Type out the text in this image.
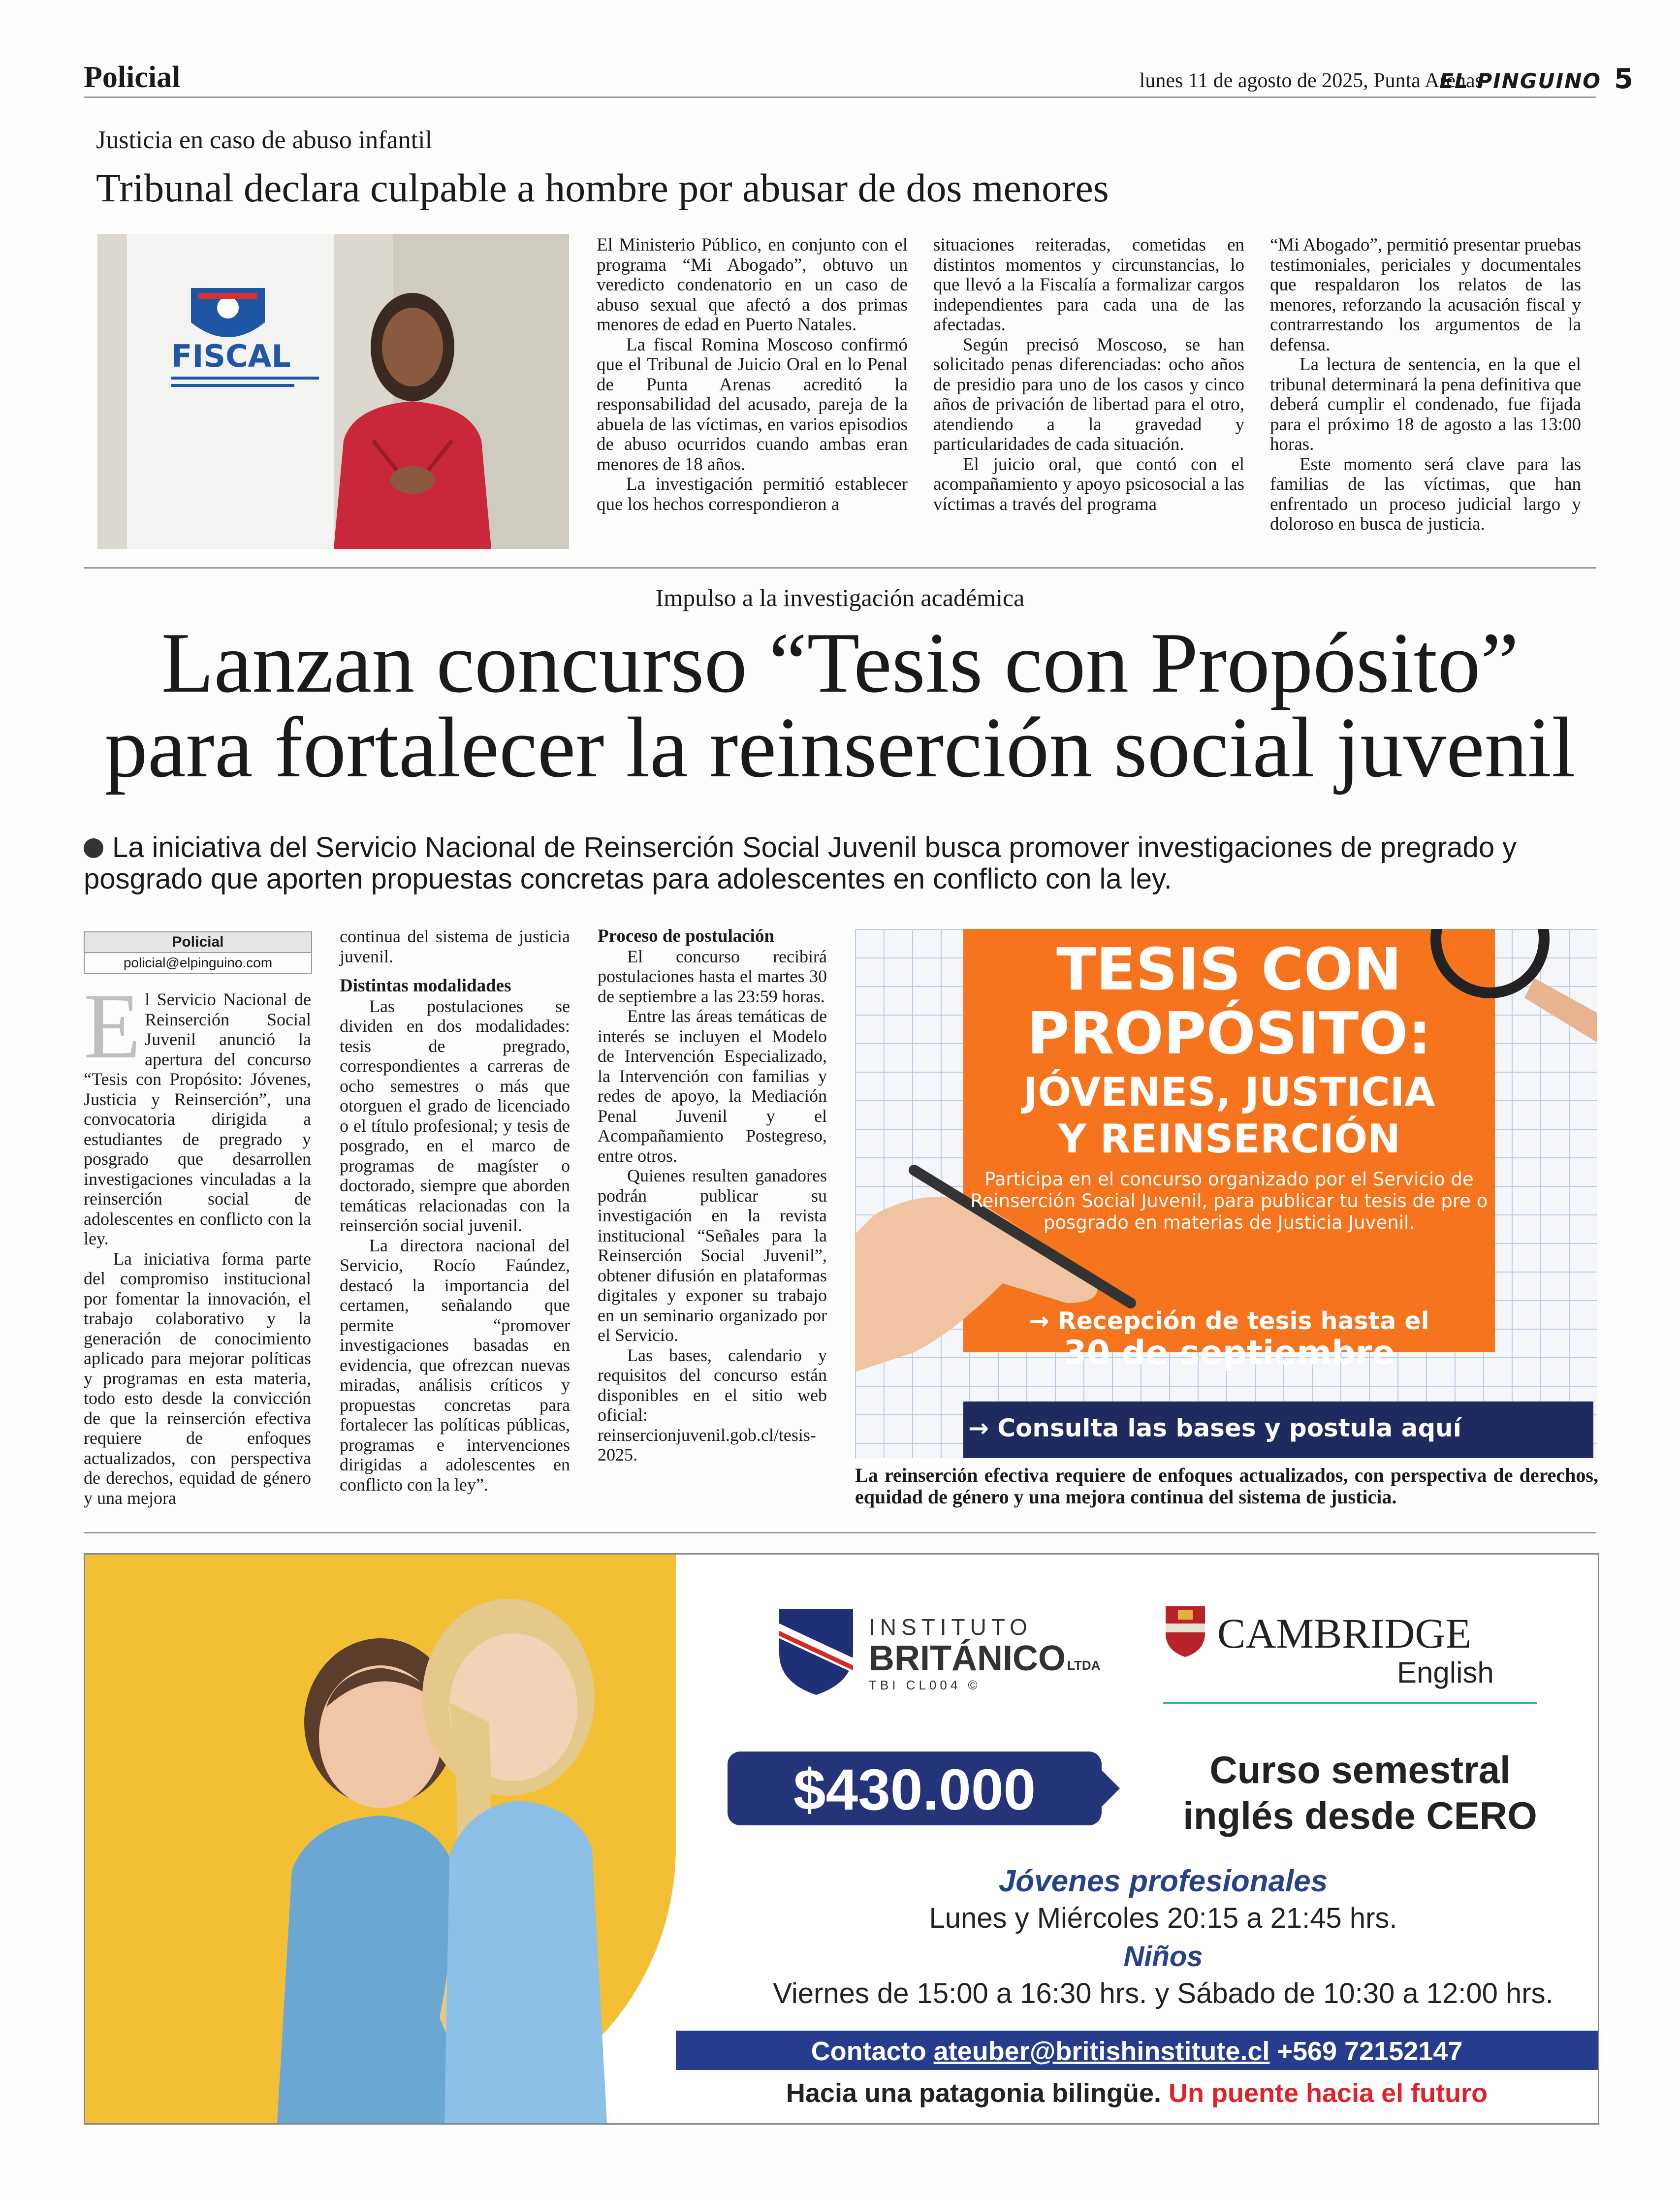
Policial	lunes 11 de agosto de 2025, Punta Arenas
EL PINGUINO 5
Justicia en caso de abuso infantil
Tribunal declara culpable a hombre por abusar de dos menores
FISCAL

El Ministerio Público, en conjunto con el programa “Mi Abogado”, obtuvo un veredicto condenatorio en un caso de abuso sexual que afectó a dos primas menores de edad en Puerto Natales.

La fiscal Romina Moscoso confirmó que el Tribunal de Juicio Oral en lo Penal de Punta Arenas acreditó la responsabilidad del acusado, pareja de la abuela de las víctimas, en varios episodios de abuso ocurridos cuando ambas eran menores de 18 años.

La investigación permitió establecer que los hechos correspondieron a

situaciones reiteradas, cometidas en distintos momentos y circunstancias, lo que llevó a la Fiscalía a formalizar cargos independientes para cada una de las afectadas.

Según precisó Moscoso, se han solicitado penas diferenciadas: ocho años de presidio para uno de los casos y cinco años de privación de libertad para el otro, atendiendo a la gravedad y particularidades de cada situación.

El juicio oral, que contó con el acompañamiento y apoyo psicosocial a las víctimas a través del programa

“Mi Abogado”, permitió presentar pruebas testimoniales, periciales y documentales que respaldaron los relatos de las menores, reforzando la acusación fiscal y contrarrestando los argumentos de la defensa.

La lectura de sentencia, en la que el tribunal determinará la pena definitiva que deberá cumplir el condenado, fue fijada para el próximo 18 de agosto a las 13:00 horas.

Este momento será clave para las familias de las víctimas, que han enfrentado un proceso judicial largo y doloroso en busca de justicia.

Impulso a la investigación académica
Lanzan concurso “Tesis con Propósito”
para fortalecer la reinserción social juvenil
La iniciativa del Servicio Nacional de Reinserción Social Juvenil busca promover investigaciones de pregrado y posgrado que aporten propuestas concretas para adolescentes en conflicto con la ley.
Policial
policial@elpinguino.com

El Servicio Nacional de Reinserción Social Juvenil anunció la apertura del concurso “Tesis con Propósito: Jóvenes, Justicia y Reinserción”, una convocatoria dirigida a estudiantes de pregrado y posgrado que desarrollen investigaciones vinculadas a la reinserción social de adolescentes en conflicto con la ley.

La iniciativa forma parte del compromiso institucional por fomentar la innovación, el trabajo colaborativo y la generación de conocimiento aplicado para mejorar políticas y programas en esta materia, todo esto desde la convicción de que la reinserción efectiva requiere de enfoques actualizados, con perspectiva de derechos, equidad de género y una mejora

continua del sistema de justicia juvenil.

Distintas modalidades

Las postulaciones se dividen en dos modalidades: tesis de pregrado, correspondientes a carreras de ocho semestres o más que otorguen el grado de licenciado o el título profesional; y tesis de posgrado, en el marco de programas de magíster o doctorado, siempre que aborden temáticas relacionadas con la reinserción social juvenil.

La directora nacional del Servicio, Rocío Faúndez, destacó la importancia del certamen, señalando que permite “promover investigaciones basadas en evidencia, que ofrezcan nuevas miradas, análisis críticos y propuestas concretas para fortalecer las políticas públicas, programas e intervenciones dirigidas a adolescentes en conflicto con la ley”.

Proceso de postulación

El concurso recibirá postulaciones hasta el martes 30 de septiembre a las 23:59 horas.

Entre las áreas temáticas de interés se incluyen el Modelo de Intervención Especializado, la Intervención con familias y redes de apoyo, la Mediación Penal Juvenil y el Acompañamiento Postegreso, entre otros.

Quienes resulten ganadores podrán publicar su investigación en la revista institucional “Señales para la Reinserción Social Juvenil”, obtener difusión en plataformas digitales y exponer su trabajo en un seminario organizado por el Servicio.

Las bases, calendario y requisitos del concurso están disponibles en el sitio web oficial: reinsercionjuvenil.gob.cl/tesis-2025.

TESIS CON
PROPÓSITO:
JÓVENES, JUSTICIA
Y REINSERCIÓN
Participa en el concurso organizado por el Servicio de Reinserción Social Juvenil, para publicar tu tesis de pre o posgrado en materias de Justicia Juvenil.
→ Recepción de tesis hasta el
30 de septiembre
→ Consulta las bases y postula aquí
La reinserción efectiva requiere de enfoques actualizados, con perspectiva de derechos, equidad de género y una mejora continua del sistema de justicia.
INSTITUTO
BRITÁNICO LTDA
TBI CL004 ©
CAMBRIDGE
English
$430.000	Curso semestral
inglés desde CERO
Jóvenes profesionales
Lunes y Miércoles 20:15 a 21:45 hrs.
Niños
Viernes de 15:00 a 16:30 hrs. y Sábado de 10:30 a 12:00 hrs.
Contacto ateuber@britishinstitute.cl +569 72152147
Hacia una patagonia bilingüe. Un puente hacia el futuro
